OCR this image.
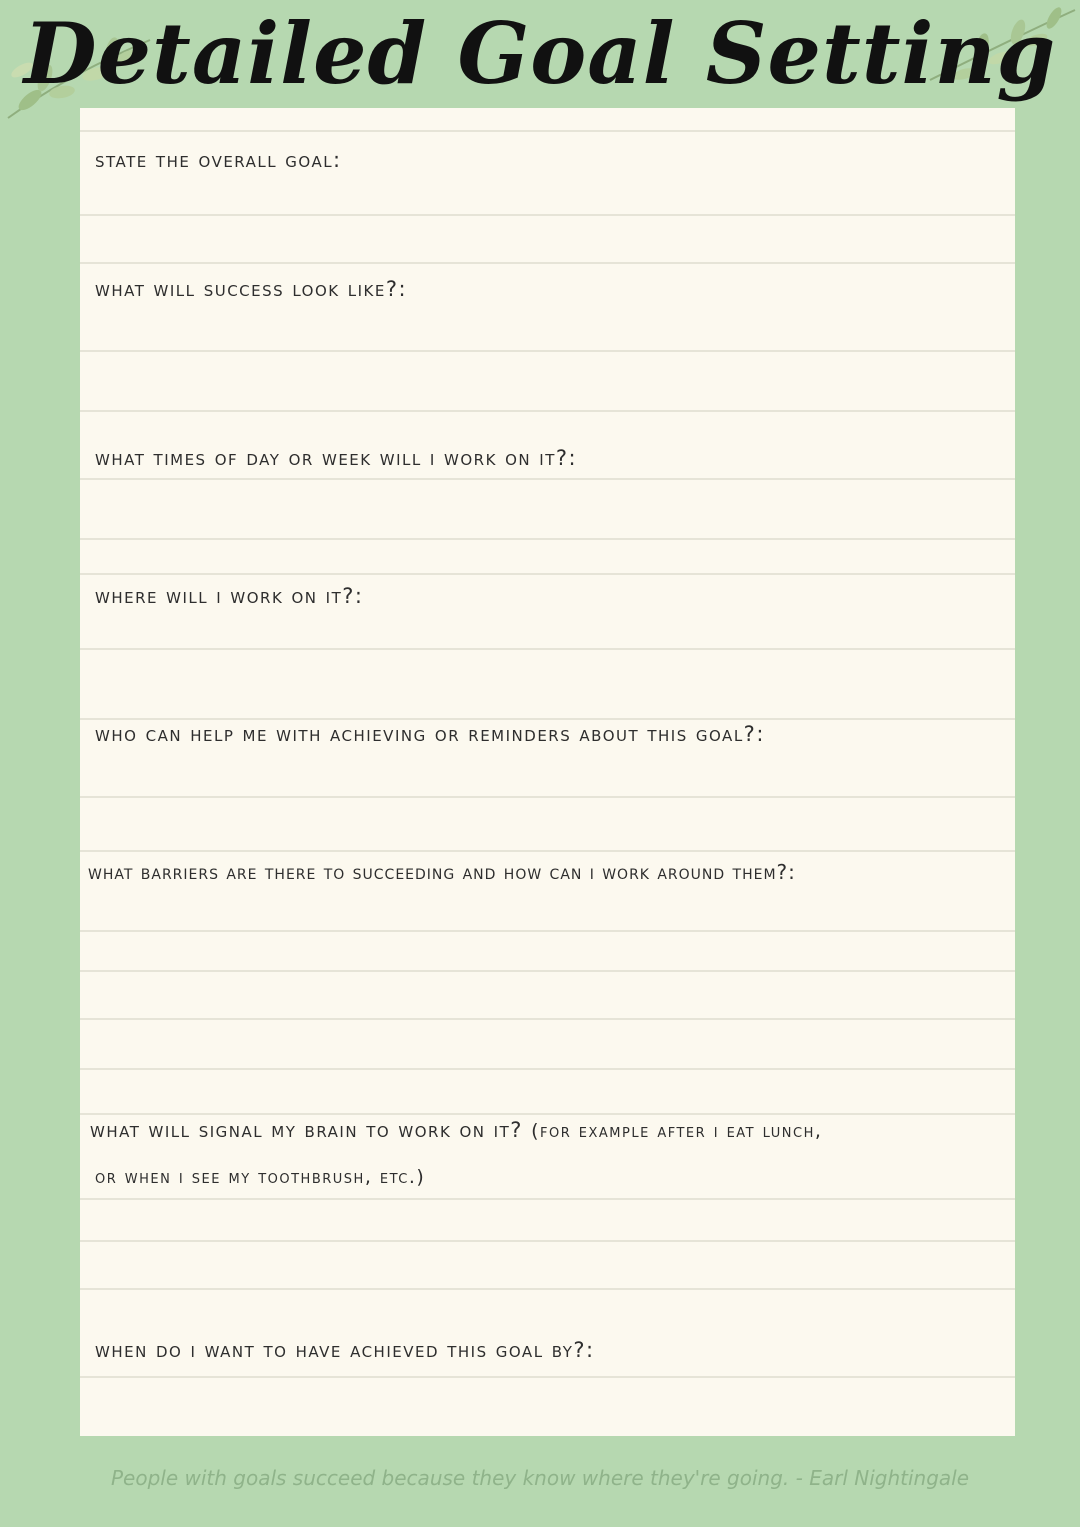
Detailed Goal Setting
state the overall goal:
what will success look like?:
what times of day or week will i work on it?:
where will i work on it?:
who can help me with achieving or reminders about this goal?:
what barriers are there to succeeding and how can i work around them?:
what will signal my brain to work on it? (for example after i eat lunch,
or when i see my toothbrush, etc.)
when do i want to have achieved this goal by?:
People with goals succeed because they know where they're going. - Earl Nightingale
